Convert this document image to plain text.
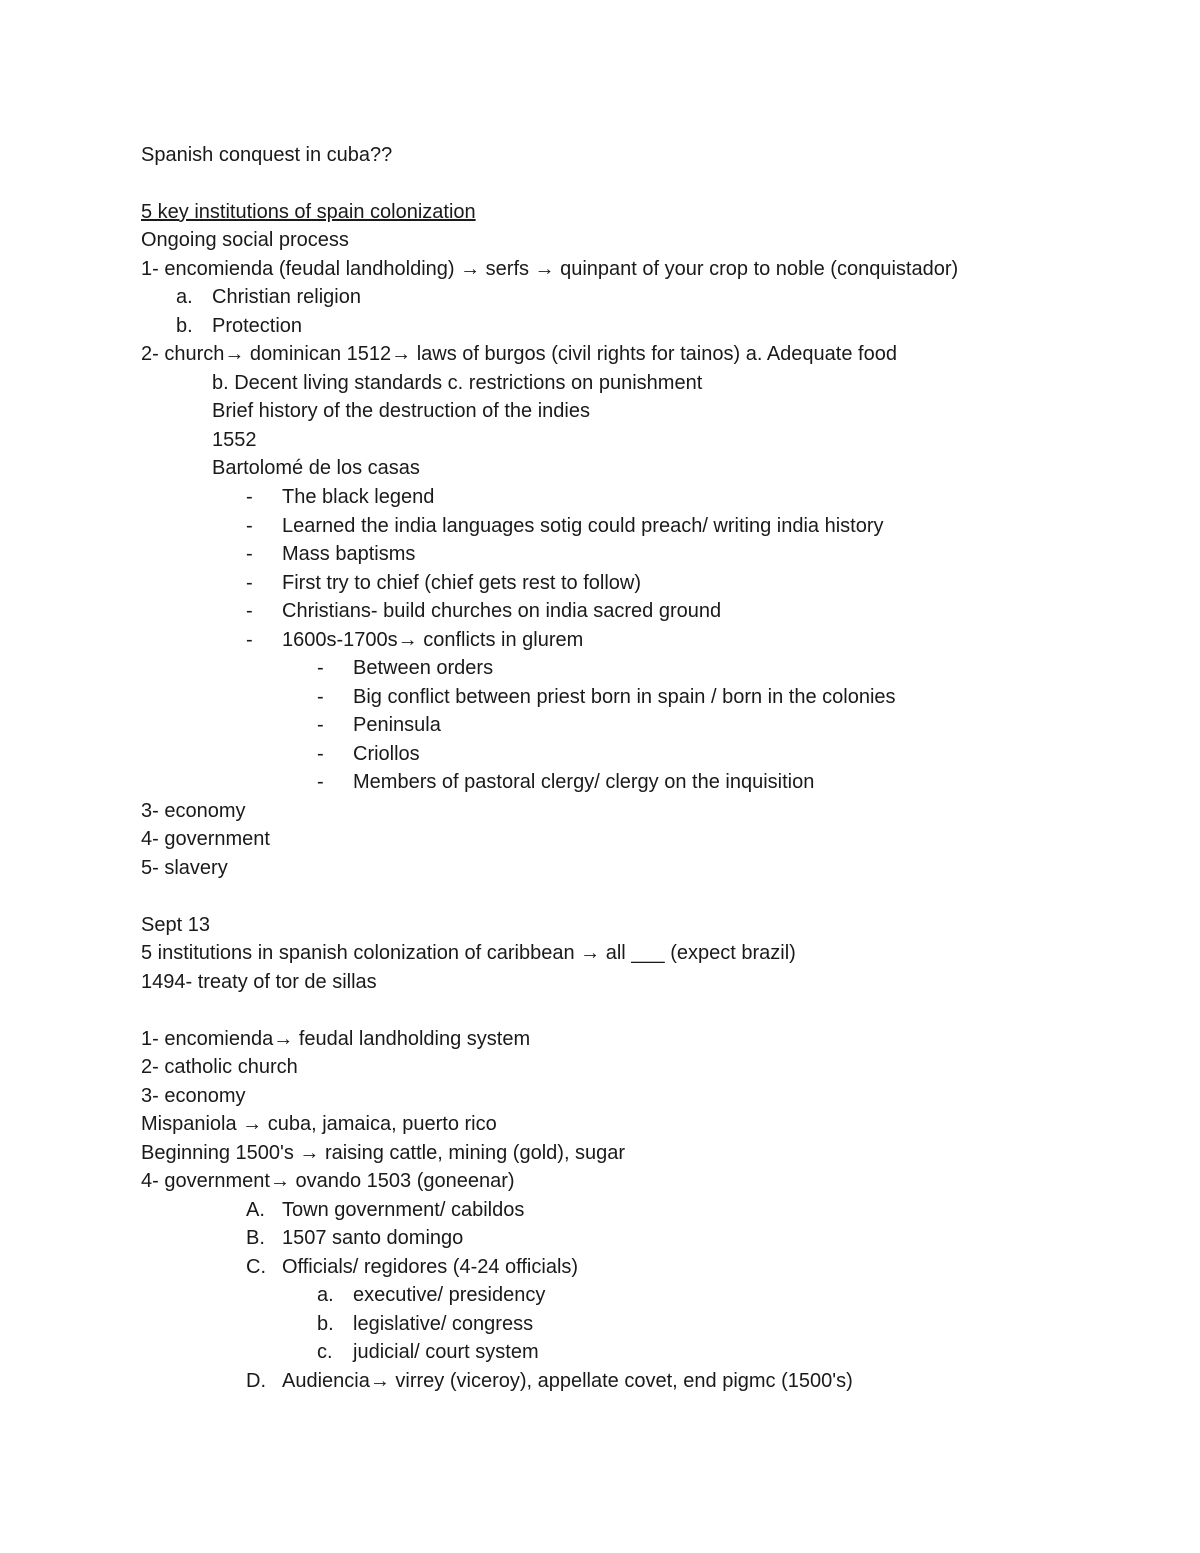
Spanish conquest in cuba??
5 key institutions of spain colonization
Ongoing social process
1- encomienda (feudal landholding) → serfs → quinpant of your crop to noble (conquistador)
a. Christian religion
b. Protection
2- church→ dominican 1512→ laws of burgos (civil rights for tainos) a. Adequate food
b. Decent living standards c. restrictions on punishment
Brief history of the destruction of the indies
1552
Bartolomé de los casas
- The black legend
- Learned the india languages sotig could preach/ writing india history
- Mass baptisms
- First try to chief (chief gets rest to follow)
- Christians- build churches on india sacred ground
- 1600s-1700s→ conflicts in glurem
- Between orders
- Big conflict between priest born in spain / born in the colonies
- Peninsula
- Criollos
- Members of pastoral clergy/ clergy on the inquisition
3- economy
4- government
5- slavery
Sept 13
5 institutions in spanish colonization of caribbean → all ___ (expect brazil)
1494- treaty of tor de sillas
1- encomienda→ feudal landholding system
2- catholic church
3- economy
Mispaniola → cuba, jamaica, puerto rico
Beginning 1500's → raising cattle, mining (gold), sugar
4- government→ ovando 1503 (goneenar)
A. Town government/ cabildos
B. 1507 santo domingo
C. Officials/ regidores (4-24 officials)
a. executive/ presidency
b. legislative/ congress
c. judicial/ court system
D. Audiencia→ virrey (viceroy), appellate covet, end pigmc (1500's)
